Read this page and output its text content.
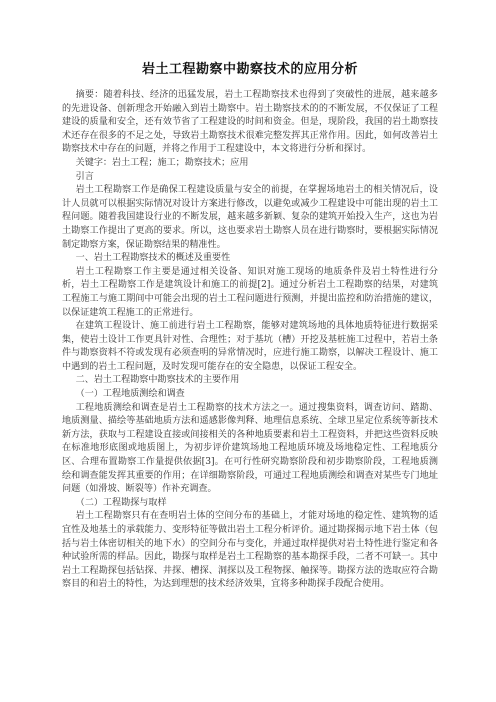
岩土工程勘察中勘察技术的应用分析

摘要：随着科技、经济的迅猛发展，岩土工程勘察技术也得到了突破性的进展，越来越多的先进设备、创新理念开始融入到岩土勘察中。岩土勘察技术的的不断发展，不仅保证了工程建设的质量和安全，还有效节省了工程建设的时间和资金。但是，现阶段，我国的岩土勘察技术还存在很多的不足之处，导致岩土勘察技术很难完整发挥其正常作用。因此，如何改善岩土勘察技术中存在的问题，并将之作用于工程建设中，本文将进行分析和探讨。

关键字：岩土工程；施工；勘察技术；应用

引言

岩土工程勘察工作是确保工程建设质量与安全的前提，在掌握场地岩土的相关情况后，设计人员就可以根据实际情况对设计方案进行修改，以避免或减少工程建设中可能出现的岩土工程问题。随着我国建设行业的不断发展，越来越多新颖、复杂的建筑开始投入生产，这也为岩土勘察工作提出了更高的要求。所以，这也要求岩土勘察人员在进行勘察时，要根据实际情况制定勘察方案，保证勘察结果的精准性。

一、岩土工程勘察技术的概述及重要性

岩土工程勘察工作主要是通过相关设备、知识对施工现场的地质条件及岩土特性进行分析，岩土工程勘察工作是建筑设计和施工的前提[2]。通过分析岩土工程勘察的结果，对建筑工程施工与施工期间中可能会出现的岩土工程问题进行预测，并提出监控和防治措施的建议，以保证建筑工程施工的正常进行。

在建筑工程设计、施工前进行岩土工程勘察，能够对建筑场地的具体地质特征进行数据采集，使岩土设计工作更具针对性、合理性；对于基坑（槽）开挖及基桩施工过程中，若岩土条件与勘察资料不符或发现有必须查明的异常情况时，应进行施工勘察，以解决工程设计、施工中遇到的岩土工程问题，及时发现可能存在的安全隐患，以保证工程安全。

二、岩土工程勘察中勘察技术的主要作用

（一）工程地质测绘和调查

工程地质测绘和调查是岩土工程勘察的技术方法之一。通过搜集资料，调查访问、踏勘、地质测量、描绘等基础地质方法和遥感影像判释、地理信息系统、全球卫星定位系统等新技术新方法，获取与工程建设直接或间接相关的各种地质要素和岩土工程资料，并把这些资料反映在标准地形底图或地质图上，为初步评价建筑场地工程地质环境及场地稳定性、工程地质分区、合理布置勘察工作量提供依据[3]。在可行性研究勘察阶段和初步勘察阶段，工程地质测绘和调查能发挥其重要的作用；在详细勘察阶段，可通过工程地质测绘和调查对某些专门地址问题（如滑坡、断裂等）作补充调查。

（二）工程勘探与取样

岩土工程勘察只有在查明岩土体的空间分布的基础上，才能对场地的稳定性、建筑物的适宜性及地基土的承载能力、变形特征等做出岩土工程分析评价。通过勘探揭示地下岩土体（包括与岩土体密切相关的地下水）的空间分布与变化，并通过取样提供对岩土特性进行鉴定和各种试验所需的样品。因此，勘探与取样是岩土工程勘察的基本勘探手段，二者不可缺一。其中岩土工程勘探包括钻探、井探、槽探、洞探以及工程物探、触探等。勘探方法的选取应符合勘察目的和岩土的特性，为达到理想的技术经济效果，宜将多种勘探手段配合使用。
